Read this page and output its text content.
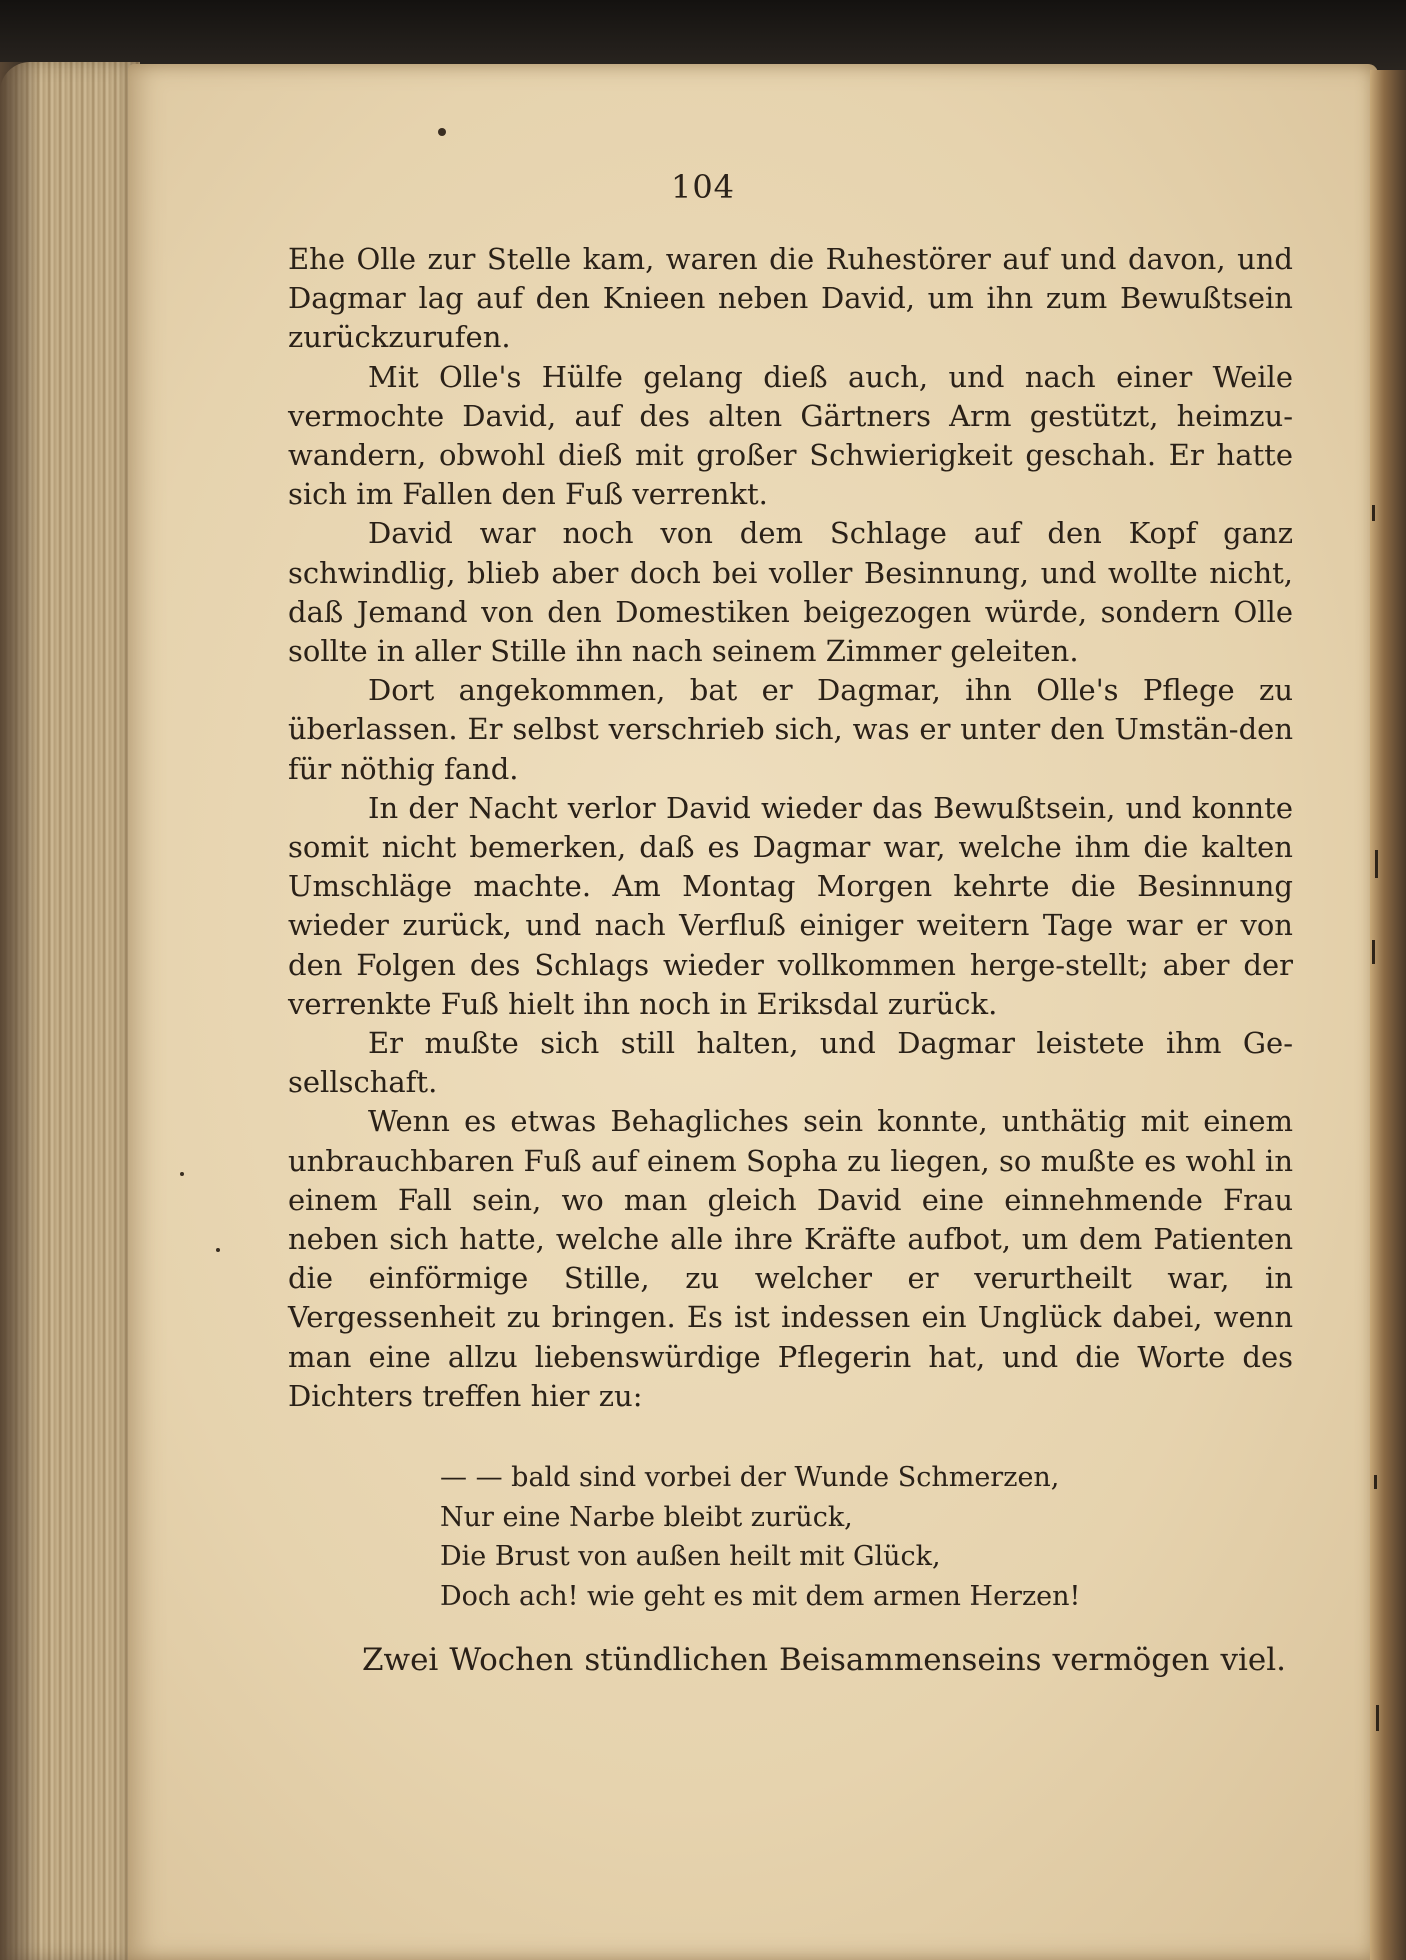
104

Ehe Olle zur Stelle kam, waren die Ruhestörer auf und davon, und Dagmar lag auf den Knieen neben David, um ihn zum Bewußtsein zurückzurufen.

Mit Olle's Hülfe gelang dieß auch, und nach einer Weile vermochte David, auf des alten Gärtners Arm gestützt, heimzu-wandern, obwohl dieß mit großer Schwierigkeit geschah. Er hatte sich im Fallen den Fuß verrenkt.

David war noch von dem Schlage auf den Kopf ganz schwindlig, blieb aber doch bei voller Besinnung, und wollte nicht, daß Jemand von den Domestiken beigezogen würde, sondern Olle sollte in aller Stille ihn nach seinem Zimmer geleiten.

Dort angekommen, bat er Dagmar, ihn Olle's Pflege zu überlassen. Er selbst verschrieb sich, was er unter den Umstän-den für nöthig fand.

In der Nacht verlor David wieder das Bewußtsein, und konnte somit nicht bemerken, daß es Dagmar war, welche ihm die kalten Umschläge machte. Am Montag Morgen kehrte die Besinnung wieder zurück, und nach Verfluß einiger weitern Tage war er von den Folgen des Schlags wieder vollkommen herge-stellt; aber der verrenkte Fuß hielt ihn noch in Eriksdal zurück.

Er mußte sich still halten, und Dagmar leistete ihm Ge-sellschaft.

Wenn es etwas Behagliches sein konnte, unthätig mit einem unbrauchbaren Fuß auf einem Sopha zu liegen, so mußte es wohl in einem Fall sein, wo man gleich David eine einnehmende Frau neben sich hatte, welche alle ihre Kräfte aufbot, um dem Patienten die einförmige Stille, zu welcher er verurtheilt war, in Vergessenheit zu bringen. Es ist indessen ein Unglück dabei, wenn man eine allzu liebenswürdige Pflegerin hat, und die Worte des Dichters treffen hier zu:

— — bald sind vorbei der Wunde Schmerzen,
Nur eine Narbe bleibt zurück,
Die Brust von außen heilt mit Glück,
Doch ach! wie geht es mit dem armen Herzen!
Zwei Wochen stündlichen Beisammenseins vermögen viel.
